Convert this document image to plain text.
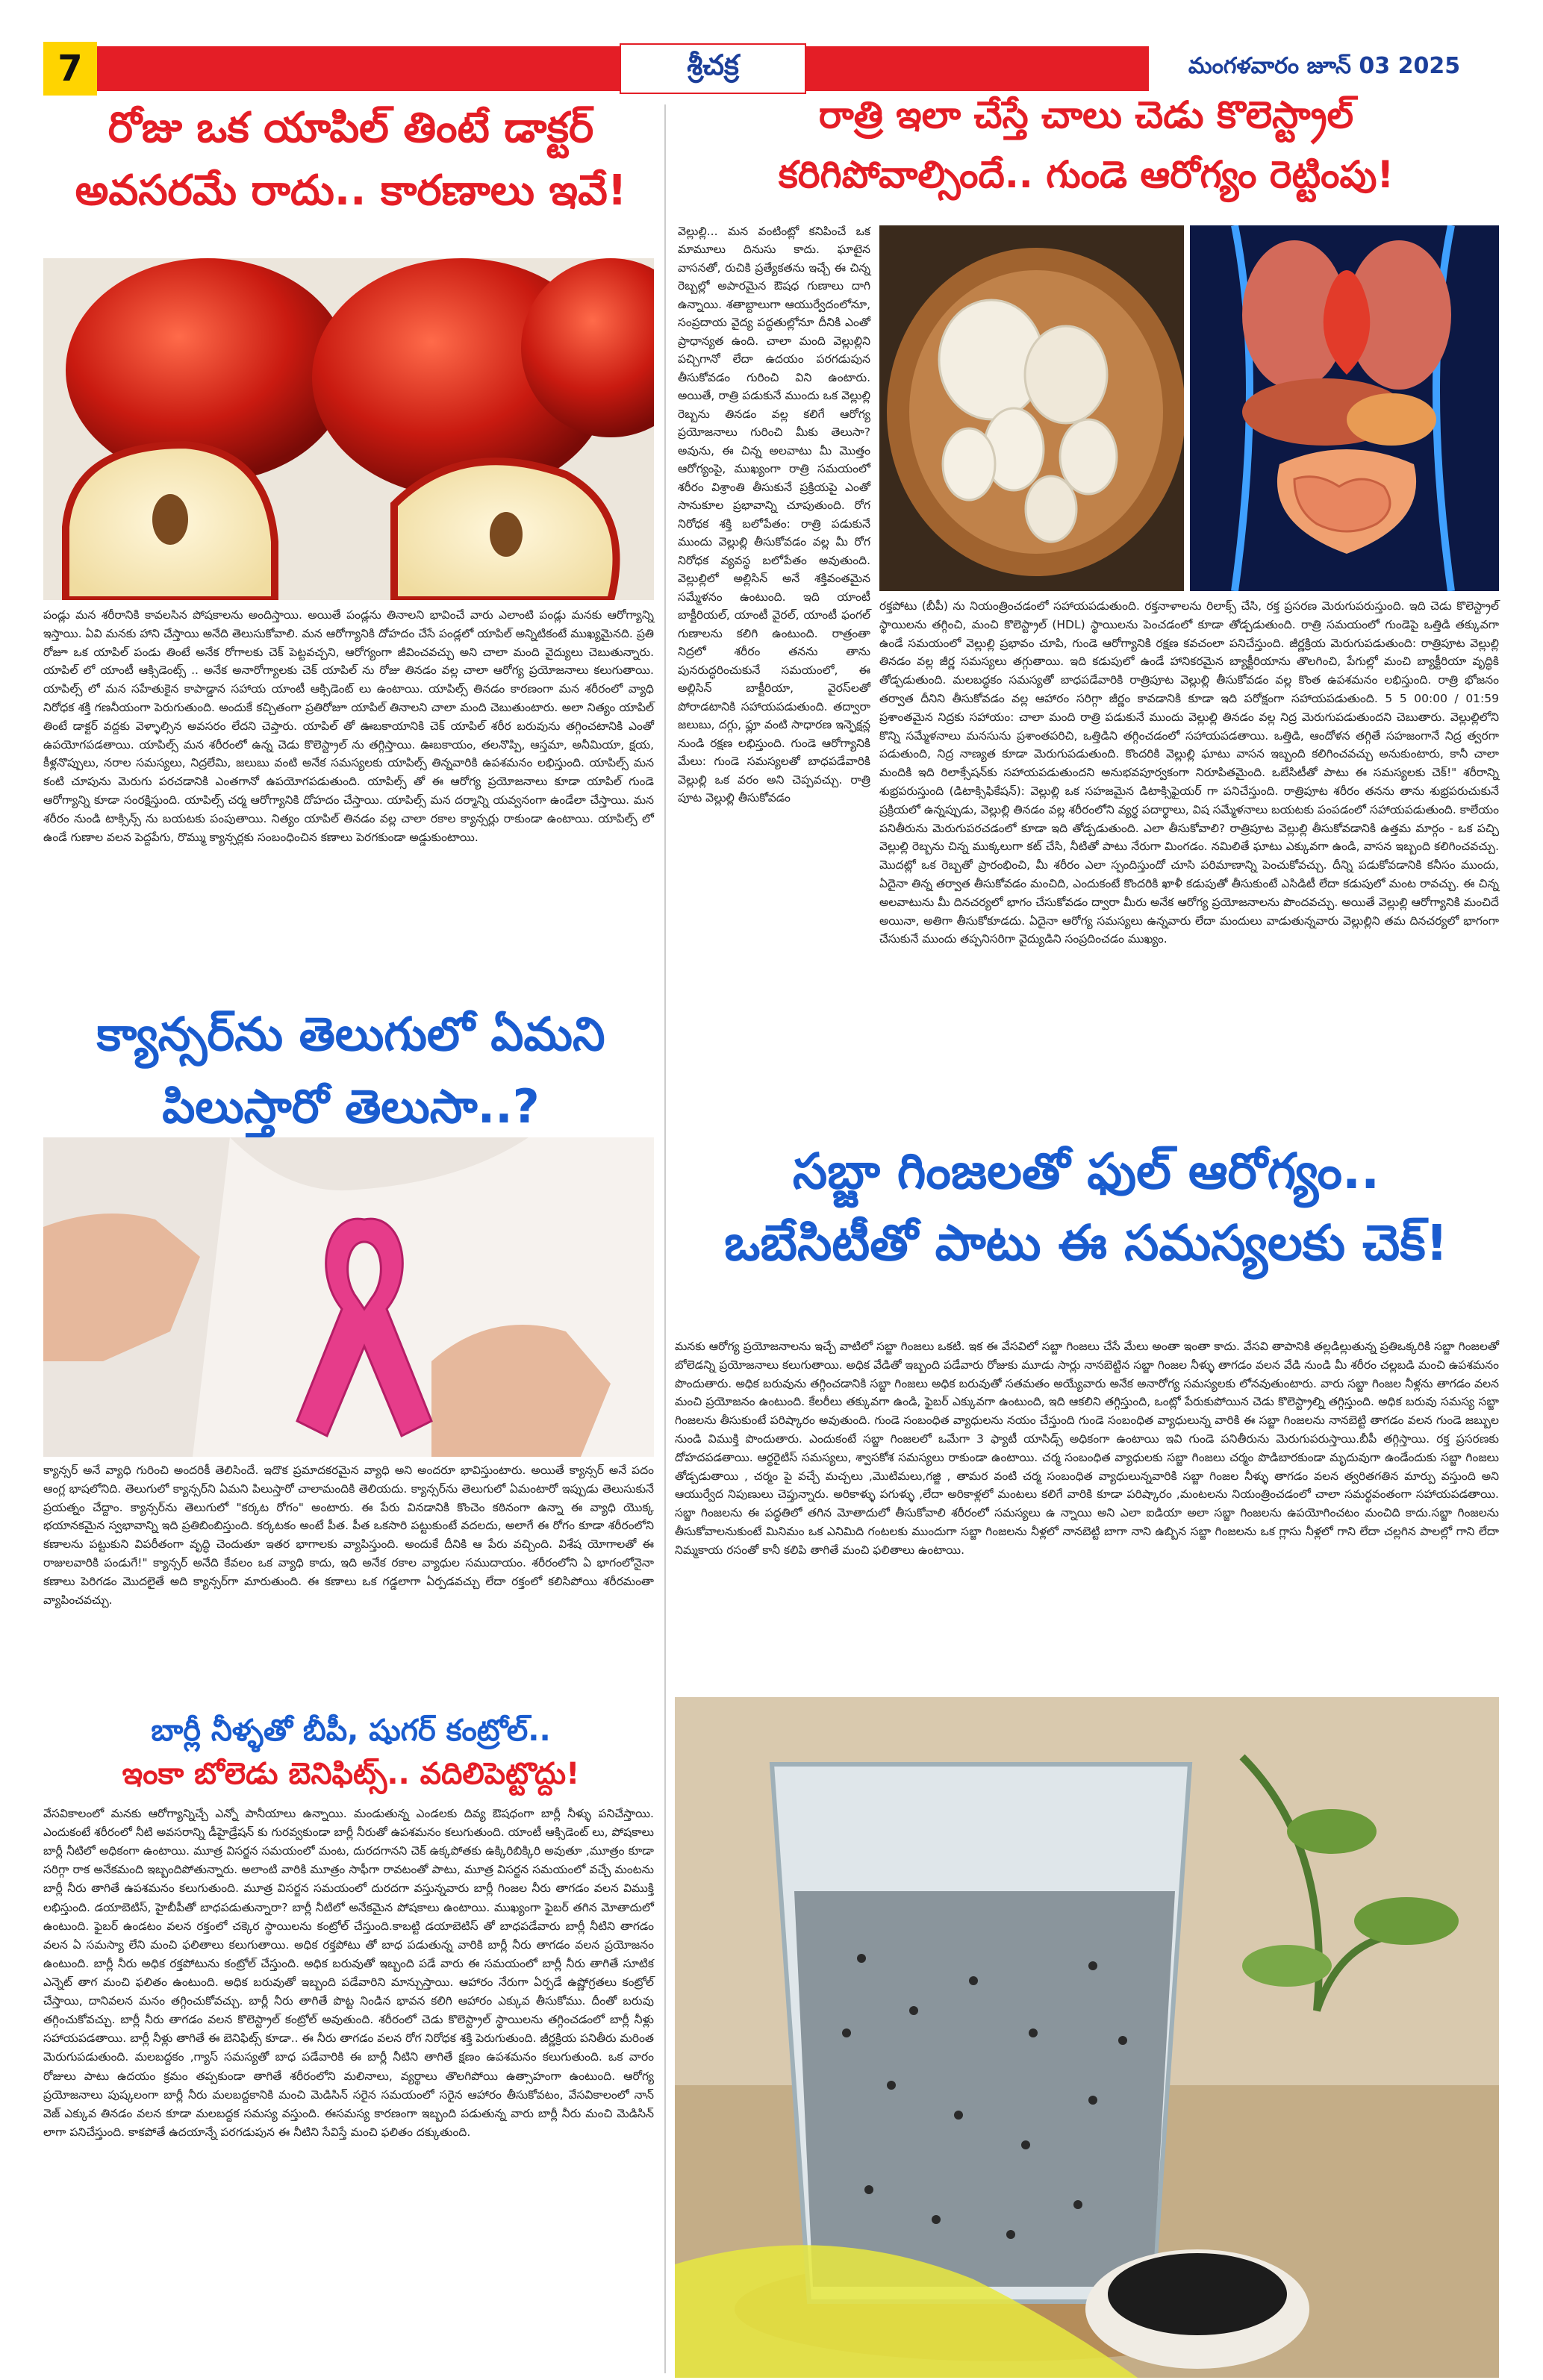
7	శ్రీచక్ర	మంగళవారం జూన్ 03 2025
రోజు ఒక యాపిల్ తింటే డాక్టర్
అవసరమే రాదు.. కారణాలు ఇవే!
పండ్లు మన శరీరానికి కావలసిన పోషకాలను అందిస్తాయి. అయితే పండ్లను తినాలని భావించే వారు ఎలాంటి పండ్లు మనకు ఆరోగ్యాన్ని ఇస్తాయి. ఏవి మనకు హాని చేస్తాయి అనేది తెలుసుకోవాలి. మన ఆరోగ్యానికి దోహదం చేసే పండ్లలో యాపిల్ అన్నిటికంటే ముఖ్యమైనది. ప్రతి రోజూ ఒక యాపిల్ పండు తింటే అనేక రోగాలకు చెక్ పెట్టవచ్చని, ఆరోగ్యంగా జీవించవచ్చు అని చాలా మంది వైద్యులు చెబుతున్నారు. యాపిల్ లో యాంటీ ఆక్సిడెంట్స్ .. అనేక అనారోగ్యాలకు చెక్ యాపిల్ ను రోజు తినడం వల్ల చాలా ఆరోగ్య ప్రయోజనాలు కలుగుతాయి. యాపిల్స్ లో మన సహేతుకైన కాపాడ్డాన సహాయ యాంటీ ఆక్సిడెంట్ లు ఉంటాయి. యాపిల్స్ తినడం కారణంగా మన శరీరంలో వ్యాధి నిరోధక శక్తి గణనీయంగా పెరుగుతుంది. అందుకే కచ్చితంగా ప్రతిరోజూ యాపిల్ తినాలని చాలా మంది చెబుతుంటారు. అలా నిత్యం యాపిల్ తింటే డాక్టర్ వద్దకు వెళ్ళాల్సిన అవసరం లేదని చెప్తారు. యాపిల్ తో ఊబకాయానికి చెక్ యాపిల్ శరీర బరువును తగ్గించటానికి ఎంతో ఉపయోగపడతాయి. యాపిల్స్ మన శరీరంలో ఉన్న చెడు కొలెస్ట్రాల్ ను తగ్గిస్తాయి. ఊబకాయం, తలనొప్పి, ఆస్తమా, అనీమియా, క్షయ, కీళ్లనొప్పులు, నరాల సమస్యలు, నిద్రలేమి, జలుబు వంటి అనేక సమస్యలకు యాపిల్స్ తిన్నవారికి ఉపశమనం లభిస్తుంది. యాపిల్స్ మన కంటి చూపును మెరుగు పరచడానికి ఎంతగానో ఉపయోగపడుతుంది. యాపిల్స్ తో ఈ ఆరోగ్య ప్రయోజనాలు కూడా యాపిల్ గుండె ఆరోగ్యాన్ని కూడా సంరక్షిస్తుంది. యాపిల్స్ చర్మ ఆరోగ్యానికి దోహదం చేస్తాయి. యాపిల్స్ మన దర్మాన్ని యవ్వనంగా ఉండేలా చేస్తాయి. మన శరీరం నుండి టాక్సిన్స్ ను బయటకు పంపుతాయి. నిత్యం యాపిల్ తినడం వల్ల చాలా రకాల క్యాన్సర్లు రాకుండా ఉంటాయి. యాపిల్స్ లో ఉండే గుణాల వలన పెద్దపేగు, రొమ్ము క్యాన్సర్లకు సంబంధించిన కణాలు పెరగకుండా అడ్డుకుంటాయి.
క్యాన్సర్‌ను తెలుగులో ఏమని
పిలుస్తారో తెలుసా..?
క్యాన్సర్ అనే వ్యాధి గురించి అందరికీ తెలిసిందే. ఇదొక ప్రమాదకరమైన వ్యాధి అని అందరూ భావిస్తుంటారు. అయితే క్యాన్సర్ అనే పదం ఆంగ్ల భాషలోనిది. తెలుగులో క్యాన్సర్‌ని ఏమని పిలుస్తారో చాలామందికి తెలియదు. క్యాన్సర్‌ను తెలుగులో ఏమంటారో ఇప్పుడు తెలుసుకునే ప్రయత్నం చేద్దాం. క్యాన్సర్‌ను తెలుగులో "కర్కట రోగం" అంటారు. ఈ పేరు వినడానికి కొంచెం కఠినంగా ఉన్నా ఈ వ్యాధి యొక్క భయానకమైన స్వభావాన్ని ఇది ప్రతిబింబిస్తుంది. కర్కటకం అంటే పీత. పీత ఒకసారి పట్టుకుంటే వదలదు, అలాగే ఈ రోగం కూడా శరీరంలోని కణాలను పట్టుకుని విపరీతంగా వృద్ధి చెందుతూ ఇతర భాగాలకు వ్యాపిస్తుంది. అందుకే దీనికి ఆ పేరు వచ్చింది. విశేష యోగాలతో ఈ రాజులవారికి పండుగే!" క్యాన్సర్ అనేది కేవలం ఒక వ్యాధి కాదు, ఇది అనేక రకాల వ్యాధుల సముదాయం. శరీరంలోని ఏ భాగంలోనైనా కణాలు పెరిగడం మొదలైతే అది క్యాన్సర్‌గా మారుతుంది. ఈ కణాలు ఒక గడ్డలాగా ఏర్పడవచ్చు లేదా రక్తంలో కలిసిపోయి శరీరమంతా వ్యాపించవచ్చు.
బార్లీ నీళ్ళతో బీపీ, షుగర్ కంట్రోల్..
ఇంకా బోలెడు బెనిఫిట్స్.. వదిలిపెట్టొద్దు!
వేసవికాలంలో మనకు ఆరోగ్యాన్నిచ్చే ఎన్నో పానీయాలు ఉన్నాయి. మండుతున్న ఎండలకు దివ్య ఔషధంగా బార్లీ నీళ్ళు పనిచేస్తాయి. ఎందుకంటే శరీరంలో నీటి అవసరాన్ని డీహైడ్రేషన్ కు గురవ్వకుండా బార్లీ నీరుతో ఉపశమనం కలుగుతుంది. యాంటీ ఆక్సిడెంట్ లు, పోషకాలు బార్లీ నీటిలో అధికంగా ఉంటాయి. మూత్ర విసర్జన సమయంలో మంట, దురదగానని చెక్ ఉక్కపోతకు ఉక్కిరిబిక్కిరి అవుతూ ,మూత్రం కూడా సరిగ్గా రాక అనేకమంది ఇబ్బందిపోతున్నారు. అలాంటి వారికి మూత్రం సాఫీగా రావటంతో పాటు, మూత్ర విసర్జన సమయంలో వచ్చే మంటను బార్లీ నీరు తాగితే ఉపశమనం కలుగుతుంది. మూత్ర విసర్జన సమయంలో దురదగా వస్తున్నవారు బార్లీ గింజల నీరు తాగడం వలన విముక్తి లభిస్తుంది. డయాబెటిస్, హైబీపీతో బాధపడుతున్నారా? బార్లీ నీటిలో అనేకమైన పోషకాలు ఉంటాయి. ముఖ్యంగా ఫైబర్ తగిన మోతాదులో ఉంటుంది. ఫైబర్ ఉండటం వలన రక్తంలో చక్కెర స్థాయిలను కంట్రోల్ చేస్తుంది.కాబట్టి డయాబెటిస్ తో బాధపడేవారు బార్లీ నీటిని తాగడం వలన ఏ సమస్యా లేని మంచి ఫలితాలు కలుగుతాయి. అధిక రక్తపోటు తో బాధ పడుతున్న వారికి బార్లీ నీరు తాగడం వలన ప్రయోజనం ఉంటుంది. బార్లీ నీరు అధిక రక్తపోటును కంట్రోల్ చేస్తుంది. అధిక బరువుతో ఇబ్బంది పడే వారు ఈ సమయంలో బార్లీ నీరు తాగితే సూటిక ఎన్నెట్ తాగ మంచి ఫలితం ఉంటుంది. అధిక బరువుతో ఇబ్బంది పడేవారిని మాన్చుస్తాయి. ఆహారం నేరుగా ఏర్పడే ఉష్ణోగ్రతలు కంట్రోల్ చేస్తాయి, దానివలన మనం తగ్గించుకోవచ్చు. బార్లీ నీరు తాగితే పొట్ట నిండిన భావన కలిగి ఆహారం ఎక్కువ తీసుకోము. దీంతో బరువు తగ్గించుకోవచ్చు. బార్లీ నీరు తాగడం వలన కొలెస్ట్రాల్ కంట్రోల్ అవుతుంది. శరీరంలో చెడు కొలెస్ట్రాల్ స్థాయిలను తగ్గించడంలో బార్లీ నీళ్లు సహాయపడతాయి. బార్లీ నీళ్లు తాగితే ఈ బెనిఫిట్స్ కూడా.. ఈ నీరు తాగడం వలన రోగ నిరోధక శక్తి పెరుగుతుంది. జీర్ణక్రియ పనితీరు మరింత మెరుగుపడుతుంది. మలబద్దకం ,గ్యాస్ సమస్యతో బాధ పడేవారికి ఈ బార్లీ నీటిని తాగితే క్షణం ఉపశమనం కలుగుతుంది. ఒక వారం రోజులు పాటు ఉదయం క్రమం తప్పకుండా తాగితే శరీరంలోని మలినాలు, వ్యర్థాలు తొలగిపోయి ఉత్సాహంగా ఉంటుంది. ఆరోగ్య ప్రయోజనాలు పుష్కలంగా బార్లీ నీరు మలబద్దకానికి మంచి మెడిసిన్ సరైన సమయంలో సరైన ఆహారం తీసుకోవటం, వేసవికాలంలో నాన్ వెజ్ ఎక్కువ తినడం వలన కూడా మలబద్దక సమస్య వస్తుంది. ఈసమస్య కారణంగా ఇబ్బంది పడుతున్న వారు బార్లీ నీరు మంచి మెడిసిన్ లాగా పనిచేస్తుంది. కాకపోతే ఉదయాన్నే పరగడుపున ఈ నీటిని సేవిస్తే మంచి ఫలితం దక్కుతుంది.
రాత్రి ఇలా చేస్తే చాలు చెడు కొలెస్ట్రాల్
కరిగిపోవాల్సిందే.. గుండె ఆరోగ్యం రెట్టింపు!
వెల్లుల్లి... మన వంటింట్లో కనిపించే ఒక మామూలు దినుసు కాదు. ఘాటైన వాసనతో, రుచికి ప్రత్యేకతను ఇచ్చే ఈ చిన్న రెబ్బల్లో అపారమైన ఔషధ గుణాలు దాగి ఉన్నాయి. శతాబ్దాలుగా ఆయుర్వేదంలోనూ, సంప్రదాయ వైద్య పద్ధతుల్లోనూ దీనికి ఎంతో ప్రాధాన్యత ఉంది. చాలా మంది వెల్లుల్లిని పచ్చిగానో లేదా ఉదయం పరగడుపున తీసుకోవడం గురించి విని ఉంటారు. అయితే, రాత్రి పడుకునే ముందు ఒక వెల్లుల్లి రెబ్బను తినడం వల్ల కలిగే ఆరోగ్య ప్రయోజనాలు గురించి మీకు తెలుసా? అవును, ఈ చిన్న అలవాటు మీ మొత్తం ఆరోగ్యంపై, ముఖ్యంగా రాత్రి సమయంలో శరీరం విశ్రాంతి తీసుకునే ప్రక్రియపై ఎంతో సానుకూల ప్రభావాన్ని చూపుతుంది. రోగ నిరోధక శక్తి బలోపేతం: రాత్రి పడుకునే ముందు వెల్లుల్లి తీసుకోవడం వల్ల మీ రోగ నిరోధక వ్యవస్థ బలోపేతం అవుతుంది. వెల్లుల్లిలో అల్లిసిన్ అనే శక్తివంతమైన సమ్మేళనం ఉంటుంది. ఇది యాంటీ బాక్టీరియల్, యాంటీ వైరల్, యాంటీ ఫంగల్ గుణాలను కలిగి ఉంటుంది. రాత్రంతా నిద్రలో శరీరం తనను తాను పునరుద్ధరించుకునే సమయంలో, ఈ అల్లిసిన్ బాక్టీరియా, వైరస్‌లతో పోరాడటానికి సహాయపడుతుంది. తద్వారా జలుబు, దగ్గు, ఫ్లూ వంటి సాధారణ ఇన్ఫెక్షన్ల నుండి రక్షణ లభిస్తుంది. గుండె ఆరోగ్యానికి మేలు: గుండె సమస్యలతో బాధపడేవారికి వెల్లుల్లి ఒక వరం అని చెప్పవచ్చు. రాత్రి పూట వెల్లుల్లి తీసుకోవడం
రక్తపోటు (బీపీ) ను నియంత్రించడంలో సహాయపడుతుంది. రక్తనాళాలను రిలాక్స్ చేసి, రక్త ప్రసరణ మెరుగుపరుస్తుంది. ఇది చెడు కొలెస్ట్రాల్ స్థాయిలను తగ్గించి, మంచి కొలెస్ట్రాల్ (HDL) స్థాయిలను పెంచడంలో కూడా తోడ్పడుతుంది. రాత్రి సమయంలో గుండెపై ఒత్తిడి తక్కువగా ఉండే సమయంలో వెల్లుల్లి ప్రభావం చూపి, గుండె ఆరోగ్యానికి రక్షణ కవచంలా పనిచేస్తుంది. జీర్ణక్రియ మెరుగుపడుతుంది: రాత్రిపూట వెల్లుల్లి తినడం వల్ల జీర్ణ సమస్యలు తగ్గుతాయి. ఇది కడుపులో ఉండే హానికరమైన బ్యాక్టీరియాను తొలగించి, పేగుల్లో మంచి బ్యాక్టీరియా వృద్ధికి తోడ్పడుతుంది. మలబద్ధకం సమస్యతో బాధపడేవారికి రాత్రిపూట వెల్లుల్లి తీసుకోవడం వల్ల కొంత ఉపశమనం లభిస్తుంది. రాత్రి భోజనం తర్వాత దీనిని తీసుకోవడం వల్ల ఆహారం సరిగ్గా జీర్ణం కావడానికి కూడా ఇది పరోక్షంగా సహాయపడుతుంది. 5 5 00:00 / 01:59 ప్రశాంతమైన నిద్రకు సహాయం: చాలా మంది రాత్రి పడుకునే ముందు వెల్లుల్లి తినడం వల్ల నిద్ర మెరుగుపడుతుందని చెబుతారు. వెల్లుల్లిలోని కొన్ని సమ్మేళనాలు మనసును ప్రశాంతపరిచి, ఒత్తిడిని తగ్గించడంలో సహాయపడతాయి. ఒత్తిడి, ఆందోళన తగ్గితే సహజంగానే నిద్ర త్వరగా పడుతుంది, నిద్ర నాణ్యత కూడా మెరుగుపడుతుంది. కొందరికి వెల్లుల్లి ఘాటు వాసన ఇబ్బంది కలిగించవచ్చు అనుకుంటారు, కానీ చాలా మందికి ఇది రిలాక్సేషన్‌కు సహాయపడుతుందని అనుభవపూర్వకంగా నిరూపితమైంది. ఒబేసిటీతో పాటు ఈ సమస్యలకు చెక్!" శరీరాన్ని శుభ్రపరుస్తుంది (డిటాక్సిఫికేషన్): వెల్లుల్లి ఒక సహజమైన డిటాక్సిఫైయర్ గా పనిచేస్తుంది. రాత్రిపూట శరీరం తనను తాను శుభ్రపరుచుకునే ప్రక్రియలో ఉన్నప్పుడు, వెల్లుల్లి తినడం వల్ల శరీరంలోని వ్యర్థ పదార్థాలు, విష సమ్మేళనాలు బయటకు పంపడంలో సహాయపడుతుంది. కాలేయం పనితీరును మెరుగుపరచడంలో కూడా ఇది తోడ్పడుతుంది. ఎలా తీసుకోవాలి? రాత్రిపూట వెల్లుల్లి తీసుకోవడానికి ఉత్తమ మార్గం - ఒక పచ్చి వెల్లుల్లి రెబ్బను చిన్న ముక్కలుగా కట్ చేసి, నీటితో పాటు నేరుగా మింగడం. నమిలితే ఘాటు ఎక్కువగా ఉండి, వాసన ఇబ్బంది కలిగించవచ్చు. మొదట్లో ఒక రెబ్బతో ప్రారంభించి, మీ శరీరం ఎలా స్పందిస్తుందో చూసి పరిమాణాన్ని పెంచుకోవచ్చు. దీన్ని పడుకోవడానికి కనీసం ముందు, ఏదైనా తిన్న తర్వాత తీసుకోవడం మంచిది, ఎందుకంటే కొందరికి ఖాళీ కడుపుతో తీసుకుంటే ఎసిడిటీ లేదా కడుపులో మంట రావచ్చు. ఈ చిన్న అలవాటును మీ దినచర్యలో భాగం చేసుకోవడం ద్వారా మీరు అనేక ఆరోగ్య ప్రయోజనాలను పొందవచ్చు. అయితే వెల్లుల్లి ఆరోగ్యానికి మంచిదే అయినా, అతిగా తీసుకోకూడదు. ఏదైనా ఆరోగ్య సమస్యలు ఉన్నవారు లేదా మందులు వాడుతున్నవారు వెల్లుల్లిని తమ దినచర్యలో భాగంగా చేసుకునే ముందు తప్పనిసరిగా వైద్యుడిని సంప్రదించడం ముఖ్యం.
సబ్జా గింజలతో ఫుల్ ఆరోగ్యం..
ఒబేసిటీతో పాటు ఈ సమస్యలకు చెక్!
మనకు ఆరోగ్య ప్రయోజనాలను ఇచ్చే వాటిలో సబ్జా గింజలు ఒకటి. ఇక ఈ వేసవిలో సబ్జా గింజలు చేసే మేలు అంతా ఇంతా కాదు. వేసవి తాపానికి తల్లడిల్లుతున్న ప్రతిఒక్కరికి సబ్జా గింజలతో బోలెడన్ని ప్రయోజనాలు కలుగుతాయి. అధిక వేడితో ఇబ్బంది పడేవారు రోజుకు మూడు సార్లు నానబెట్టిన సబ్జా గింజల నీళ్ళు తాగడం వలన వేడి నుండి మీ శరీరం చల్లబడి మంచి ఉపశమనం పొందుతారు. అధిక బరువును తగ్గించడానికి సబ్జా గింజలు అధిక బరువుతో సతమతం అయ్యేవారు అనేక అనారోగ్య సమస్యలకు లోనవుతుంటారు. వారు సబ్జా గింజల నీళ్లను తాగడం వలన మంచి ప్రయోజనం ఉంటుంది. కేలరీలు తక్కువగా ఉండి, ఫైబర్ ఎక్కువగా ఉంటుంది, ఇది ఆకలిని తగ్గిస్తుంది, ఒంట్లో పేరుకుపోయిన చెడు కొలెస్ట్రాల్ని తగ్గిస్తుంది. అధిక బరువు సమస్య సబ్జా గింజలను తీసుకుంటే పరిష్కారం అవుతుంది. గుండె సంబంధిత వ్యాధులను నయం చేస్తుంది గుండె సంబంధిత వ్యాధులున్న వారికి ఈ సబ్జా గింజలను నానబెట్టి తాగడం వలన గుండె జబ్బుల నుండి విముక్తి పొందుతారు. ఎందుకంటే సబ్జా గింజలలో ఒమేగా 3 ఫ్యాటీ యాసిడ్స్ అధికంగా ఉంటాయి ఇవి గుండె పనితీరును మెరుగుపరుస్తాయి.బీపీ తగ్గిస్తాయి. రక్త ప్రసరణకు దోహదపడతాయి. ఆర్థరైటిస్ సమస్యలు, శ్వాసకోశ సమస్యలు రాకుండా ఉంటాయి. చర్మ సంబంధిత వ్యాధులకు సబ్జా గింజలు చర్మం పొడిబారకుండా మృదువుగా ఉండేందుకు సబ్జా గింజలు తోడ్పడుతాయి , చర్మం పై వచ్చే మచ్చలు ,మొటిమలు,గజ్జి , తామర వంటి చర్మ సంబంధిత వ్యాధులున్నవారికి సబ్జా గింజల నీళ్ళు తాగడం వలన త్వరితగతిన మార్పు వస్తుంది అని ఆయుర్వేద నిపుణులు చెప్తున్నారు. అరికాళ్ళు పగుళ్ళు ,లేదా అరికాళ్లలో మంటలు కలిగే వారికి కూడా పరిష్కారం ,మంటలను నియంత్రించడంలో చాలా సమర్థవంతంగా సహాయపడతాయి. సబ్జా గింజలను ఈ పద్ధతిలో తగిన మోతాదులో తీసుకోవాలి శరీరంలో సమస్యలు ఉ న్నాయి అని ఎలా ఐడియా అలా సబ్జా గింజలను ఉపయోగించటం మంచిది కాదు.సబ్జా గింజలను తీసుకోవాలనుకుంటే మినిమం ఒక ఎనిమిది గంటలకు ముందుగా సబ్జా గింజలను నీళ్లలో నానబెట్టి బాగా నాని ఉబ్బిన సబ్జా గింజలను ఒక గ్లాసు నీళ్లలో గాని లేదా చల్లగిన పాలల్లో గాని లేదా నిమ్మకాయ రసంతో కానీ కలిపి తాగితే మంచి ఫలితాలు ఉంటాయి.
